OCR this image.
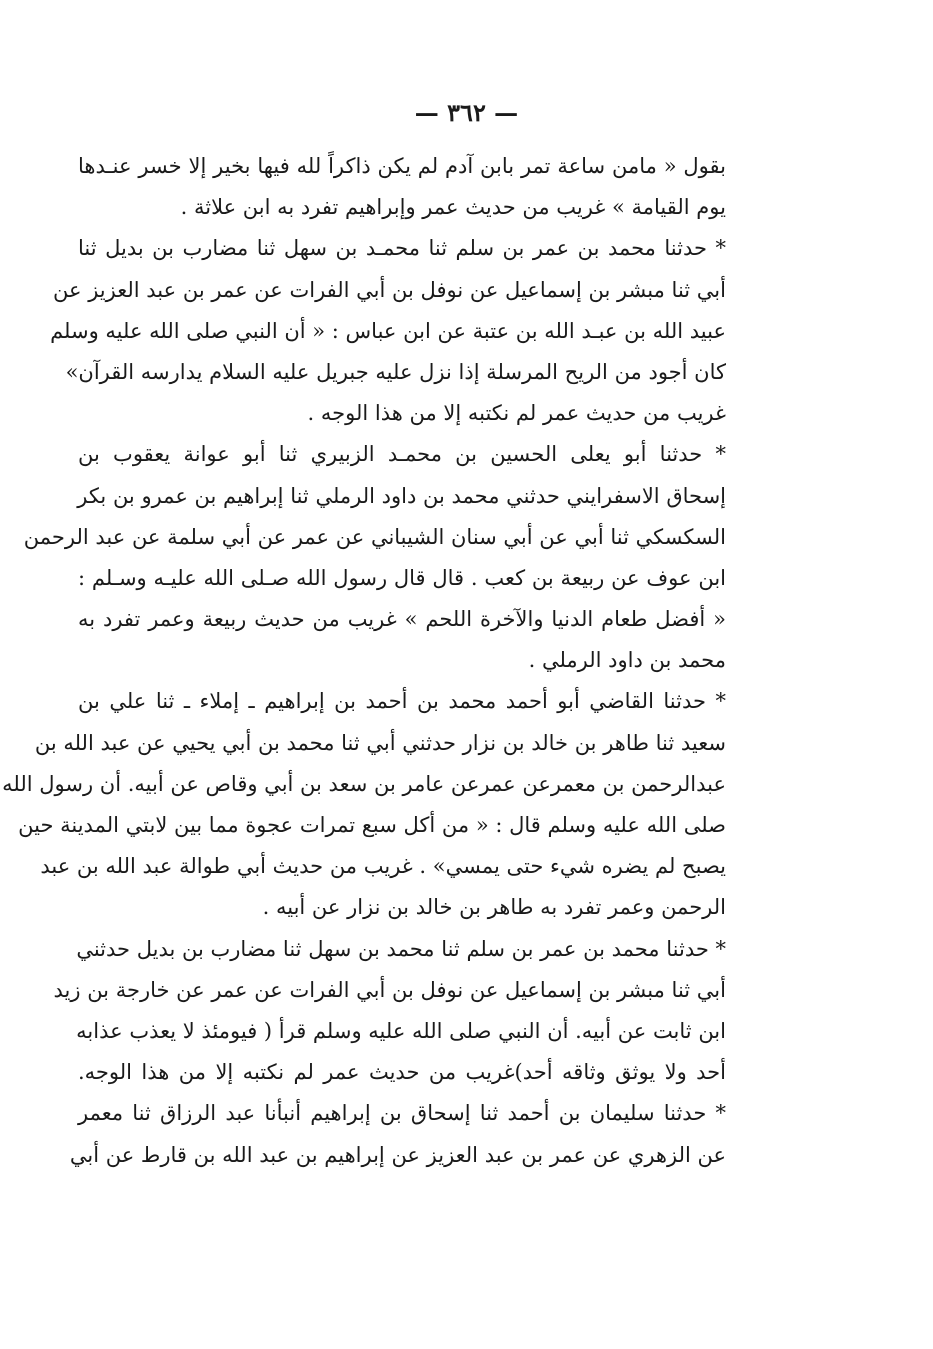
— ٣٦٢ —
بقول « مامن ساعة تمر بابن آدم لم يكن ذاكراً لله فيها بخير إلا خسر عنـدها
يوم القيامة » غريب من حديث عمر وإبراهيم تفرد به ابن علاثة .
* حدثنا محمد بن عمر بن سلم ثنا محمـد بن سهل ثنا مضارب بن بديل ثنا
أبي ثنا مبشر بن إسماعيل عن نوفل بن أبي الفرات عن عمر بن عبد العزيز عن
عبيد الله بن عبـد الله بن عتبة عن ابن عباس : « أن النبي صلى الله عليه وسلم
كان أجود من الريح المرسلة إذا نزل عليه جبريل عليه السلام يدارسه القرآن»
غريب من حديث عمر لم نكتبه إلا من هذا الوجه .
* حدثنا أبو يعلى الحسين بن محمـد الزبيري ثنا أبو عوانة يعقوب بن
إسحاق الاسفرايني حدثني محمد بن داود الرملي ثنا إبراهيم بن عمرو بن بكر
السكسكي ثنا أبي عن أبي سنان الشيباني عن عمر عن أبي سلمة عن عبد الرحمن
ابن عوف عن ربيعة بن كعب . قال قال رسول الله صـلى الله عليـه وسـلم :
« أفضل طعام الدنيا والآخرة اللحم » غريب من حديث ربيعة وعمر تفرد به
محمد بن داود الرملي .
* حدثنا القاضي أبو أحمد محمد بن أحمد بن إبراهيم ـ إملاء ـ ثنا علي بن
سعيد ثنا طاهر بن خالد بن نزار حدثني أبي ثنا محمد بن أبي يحيي عن عبد الله بن
عبدالرحمن بن معمرعن عمرعن عامر بن سعد بن أبي وقاص عن أبيه. أن رسول الله
صلى الله عليه وسلم قال : « من أكل سبع تمرات عجوة مما بين لابتي المدينة حين
يصبح لم يضره شيء حتى يمسي» . غريب من حديث أبي طوالة عبد الله بن عبد
الرحمن وعمر تفرد به طاهر بن خالد بن نزار عن أبيه .
* حدثنا محمد بن عمر بن سلم ثنا محمد بن سهل ثنا مضارب بن بديل حدثني
أبي ثنا مبشر بن إسماعيل عن نوفل بن أبي الفرات عن عمر عن خارجة بن زيد
ابن ثابت عن أبيه. أن النبي صلى الله عليه وسلم قرأ ( فيومئذ لا يعذب عذابه
أحد ولا يوثق وثاقه أحد)غريب من حديث عمر لم نكتبه إلا من هذا الوجه.
* حدثنا سليمان بن أحمد ثنا إسحاق بن إبراهيم أنبأنا عبد الرزاق ثنا معمر
عن الزهري عن عمر بن عبد العزيز عن إبراهيم بن عبد الله بن قارط عن أبي
